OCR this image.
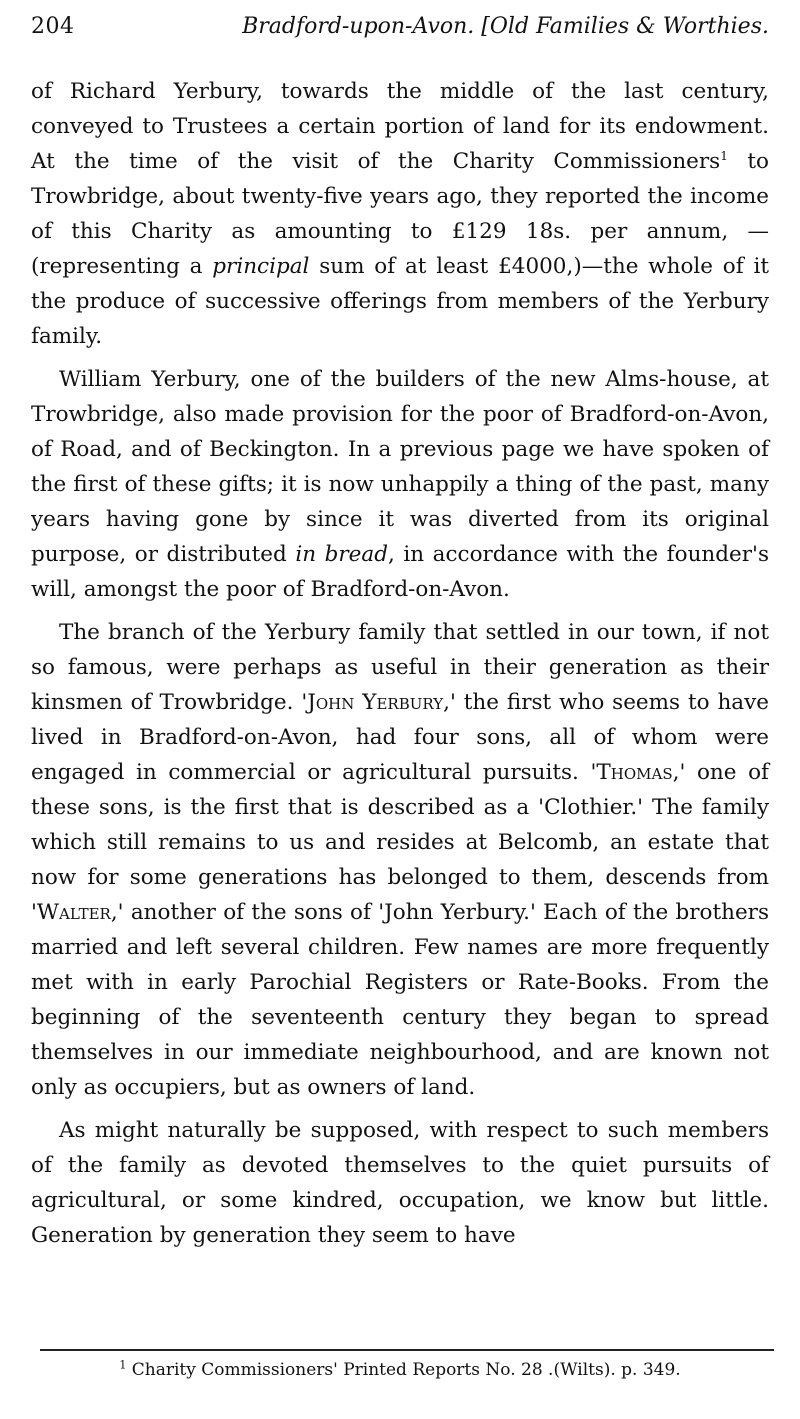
204	Bradford-upon-Avon. [Old Families & Worthies.

of Richard Yerbury, towards the middle of the last century, conveyed to Trustees a certain portion of land for its endowment. At the time of the visit of the Charity Commissioners$^1$ to Trowbridge, about twenty-five years ago, they reported the income of this Charity as amounting to £129 18s. per annum, —(representing a principal sum of at least £4000,)—the whole of it the produce of successive offerings from members of the Yerbury family.

William Yerbury, one of the builders of the new Alms-house, at Trowbridge, also made provision for the poor of Bradford-on-Avon, of Road, and of Beckington. In a previous page we have spoken of the first of these gifts; it is now unhappily a thing of the past, many years having gone by since it was diverted from its original purpose, or distributed in bread, in accordance with the founder's will, amongst the poor of Bradford-on-Avon.

The branch of the Yerbury family that settled in our town, if not so famous, were perhaps as useful in their generation as their kinsmen of Trowbridge. 'John Yerbury,' the first who seems to have lived in Bradford-on-Avon, had four sons, all of whom were engaged in commercial or agricultural pursuits. 'Thomas,' one of these sons, is the first that is described as a 'Clothier.' The family which still remains to us and resides at Belcomb, an estate that now for some generations has belonged to them, descends from 'Walter,' another of the sons of 'John Yerbury.' Each of the brothers married and left several children. Few names are more frequently met with in early Parochial Registers or Rate-Books. From the beginning of the seventeenth century they began to spread themselves in our immediate neighbourhood, and are known not only as occupiers, but as owners of land.

As might naturally be supposed, with respect to such members of the family as devoted themselves to the quiet pursuits of agricultural, or some kindred, occupation, we know but little. Generation by generation they seem to have

$^1$ Charity Commissioners' Printed Reports No. 28 .(Wilts). p. 349.
